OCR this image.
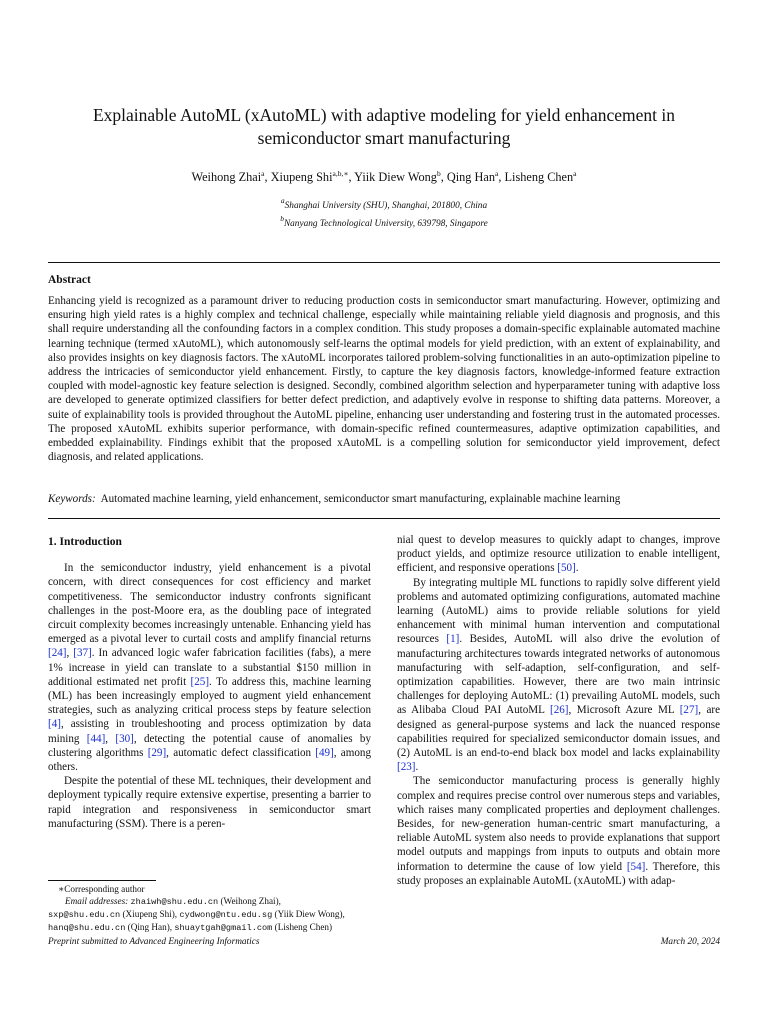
Explainable AutoML (xAutoML) with adaptive modeling for yield enhancement in
semiconductor smart manufacturing
Weihong Zhai$^a$, Xiupeng Shi$^{a,b,∗}$, Yiik Diew Wong$^b$, Qing Han$^a$, Lisheng Chen$^a$
$^a$Shanghai University (SHU), Shanghai, 201800, China
$^b$Nanyang Technological University, 639798, Singapore
Abstract
Enhancing yield is recognized as a paramount driver to reducing production costs in semiconductor smart manufacturing. However, optimizing and ensuring high yield rates is a highly complex and technical challenge, especially while maintaining reliable yield diagnosis and prognosis, and this shall require understanding all the confounding factors in a complex condition. This study proposes a domain-specific explainable automated machine learning technique (termed xAutoML), which autonomously self-learns the optimal models for yield prediction, with an extent of explainability, and also provides insights on key diagnosis factors. The xAutoML incorporates tailored problem-solving functionalities in an auto-optimization pipeline to address the intricacies of semiconductor yield enhancement. Firstly, to capture the key diagnosis factors, knowledge-informed feature extraction coupled with model-agnostic key feature selection is designed. Secondly, combined algorithm selection and hyperparameter tuning with adaptive loss are developed to generate optimized classifiers for better defect prediction, and adaptively evolve in response to shifting data patterns. Moreover, a suite of explainability tools is provided throughout the AutoML pipeline, enhancing user understanding and fostering trust in the automated processes. The proposed xAutoML exhibits superior performance, with domain-specific refined countermeasures, adaptive optimization capabilities, and embedded explainability. Findings exhibit that the proposed xAutoML is a compelling solution for semiconductor yield improvement, defect diagnosis, and related applications.
Keywords: Automated machine learning, yield enhancement, semiconductor smart manufacturing, explainable machine learning
1. Introduction

In the semiconductor industry, yield enhancement is a pivotal concern, with direct consequences for cost efficiency and market competitiveness. The semiconductor industry confronts significant challenges in the post-Moore era, as the doubling pace of integrated circuit complexity becomes increasingly untenable. Enhancing yield has emerged as a pivotal lever to curtail costs and amplify financial returns [24], [37]. In advanced logic wafer fabrication facilities (fabs), a mere 1% increase in yield can translate to a substantial $150 million in additional estimated net profit [25]. To address this, machine learning (ML) has been increasingly employed to augment yield enhancement strategies, such as analyzing critical process steps by feature selection [4], assisting in troubleshooting and process optimization by data mining [44], [30], detecting the potential cause of anomalies by clustering algorithms [29], automatic defect classification [49], among others.

Despite the potential of these ML techniques, their development and deployment typically require extensive expertise, presenting a barrier to rapid integration and responsiveness in semiconductor smart manufacturing (SSM). There is a peren-

nial quest to develop measures to quickly adapt to changes, improve product yields, and optimize resource utilization to enable intelligent, efficient, and responsive operations [50].

By integrating multiple ML functions to rapidly solve different yield problems and automated optimizing configurations, automated machine learning (AutoML) aims to provide reliable solutions for yield enhancement with minimal human intervention and computational resources [1]. Besides, AutoML will also drive the evolution of manufacturing architectures towards integrated networks of autonomous manufacturing with self-adaption, self-configuration, and self-optimization capabilities. However, there are two main intrinsic challenges for deploying AutoML: (1) prevailing AutoML models, such as Alibaba Cloud PAI AutoML [26], Microsoft Azure ML [27], are designed as general-purpose systems and lack the nuanced response capabilities required for specialized semiconductor domain issues, and (2) AutoML is an end-to-end black box model and lacks explainability [23].

The semiconductor manufacturing process is generally highly complex and requires precise control over numerous steps and variables, which raises many complicated properties and deployment challenges. Besides, for new-generation human-centric smart manufacturing, a reliable AutoML system also needs to provide explanations that support model outputs and mappings from inputs to outputs and obtain more information to determine the cause of low yield [54]. Therefore, this study proposes an explainable AutoML (xAutoML) with adap-

∗Corresponding author
Email addresses: zhaiwh@shu.edu.cn (Weihong Zhai),
sxp@shu.edu.cn (Xiupeng Shi), cydwong@ntu.edu.sg (Yiik Diew Wong),
hanq@shu.edu.cn (Qing Han), shuaytgah@gmail.com (Lisheng Chen)
Preprint submitted to Advanced Engineering Informatics	March 20, 2024
